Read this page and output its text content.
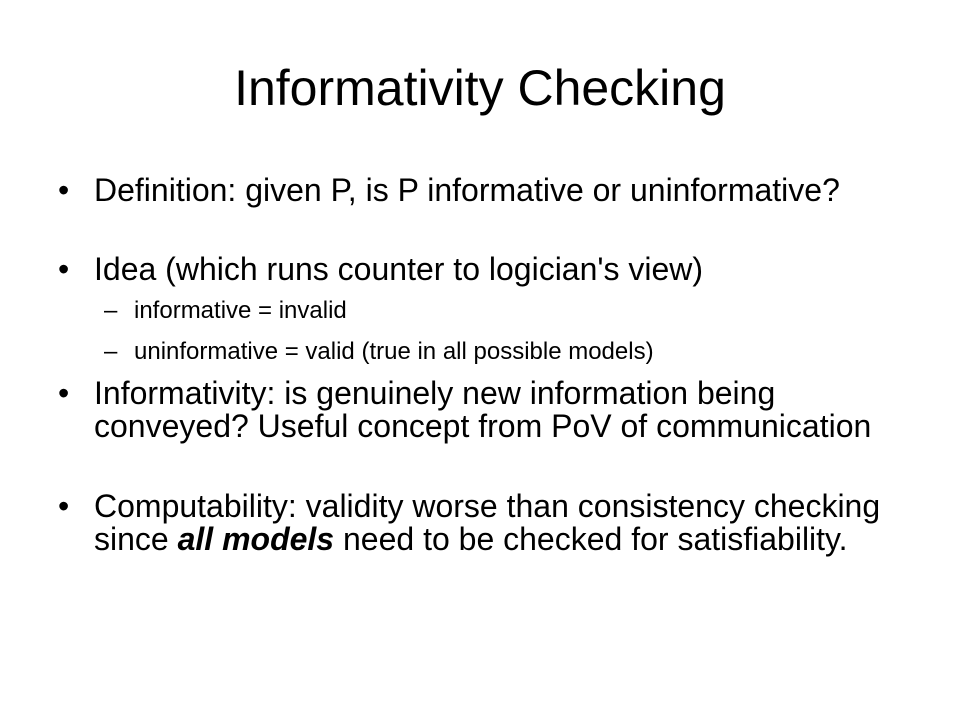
Informativity Checking
• Definition: given P, is P informative or uninformative?
• Idea (which runs counter to logician's view)
– informative = invalid
– uninformative = valid (true in all possible models)
• Informativity: is genuinely new information being conveyed? Useful concept from PoV of communication
• Computability: validity worse than consistency checking since all models need to be checked for satisfiability.
